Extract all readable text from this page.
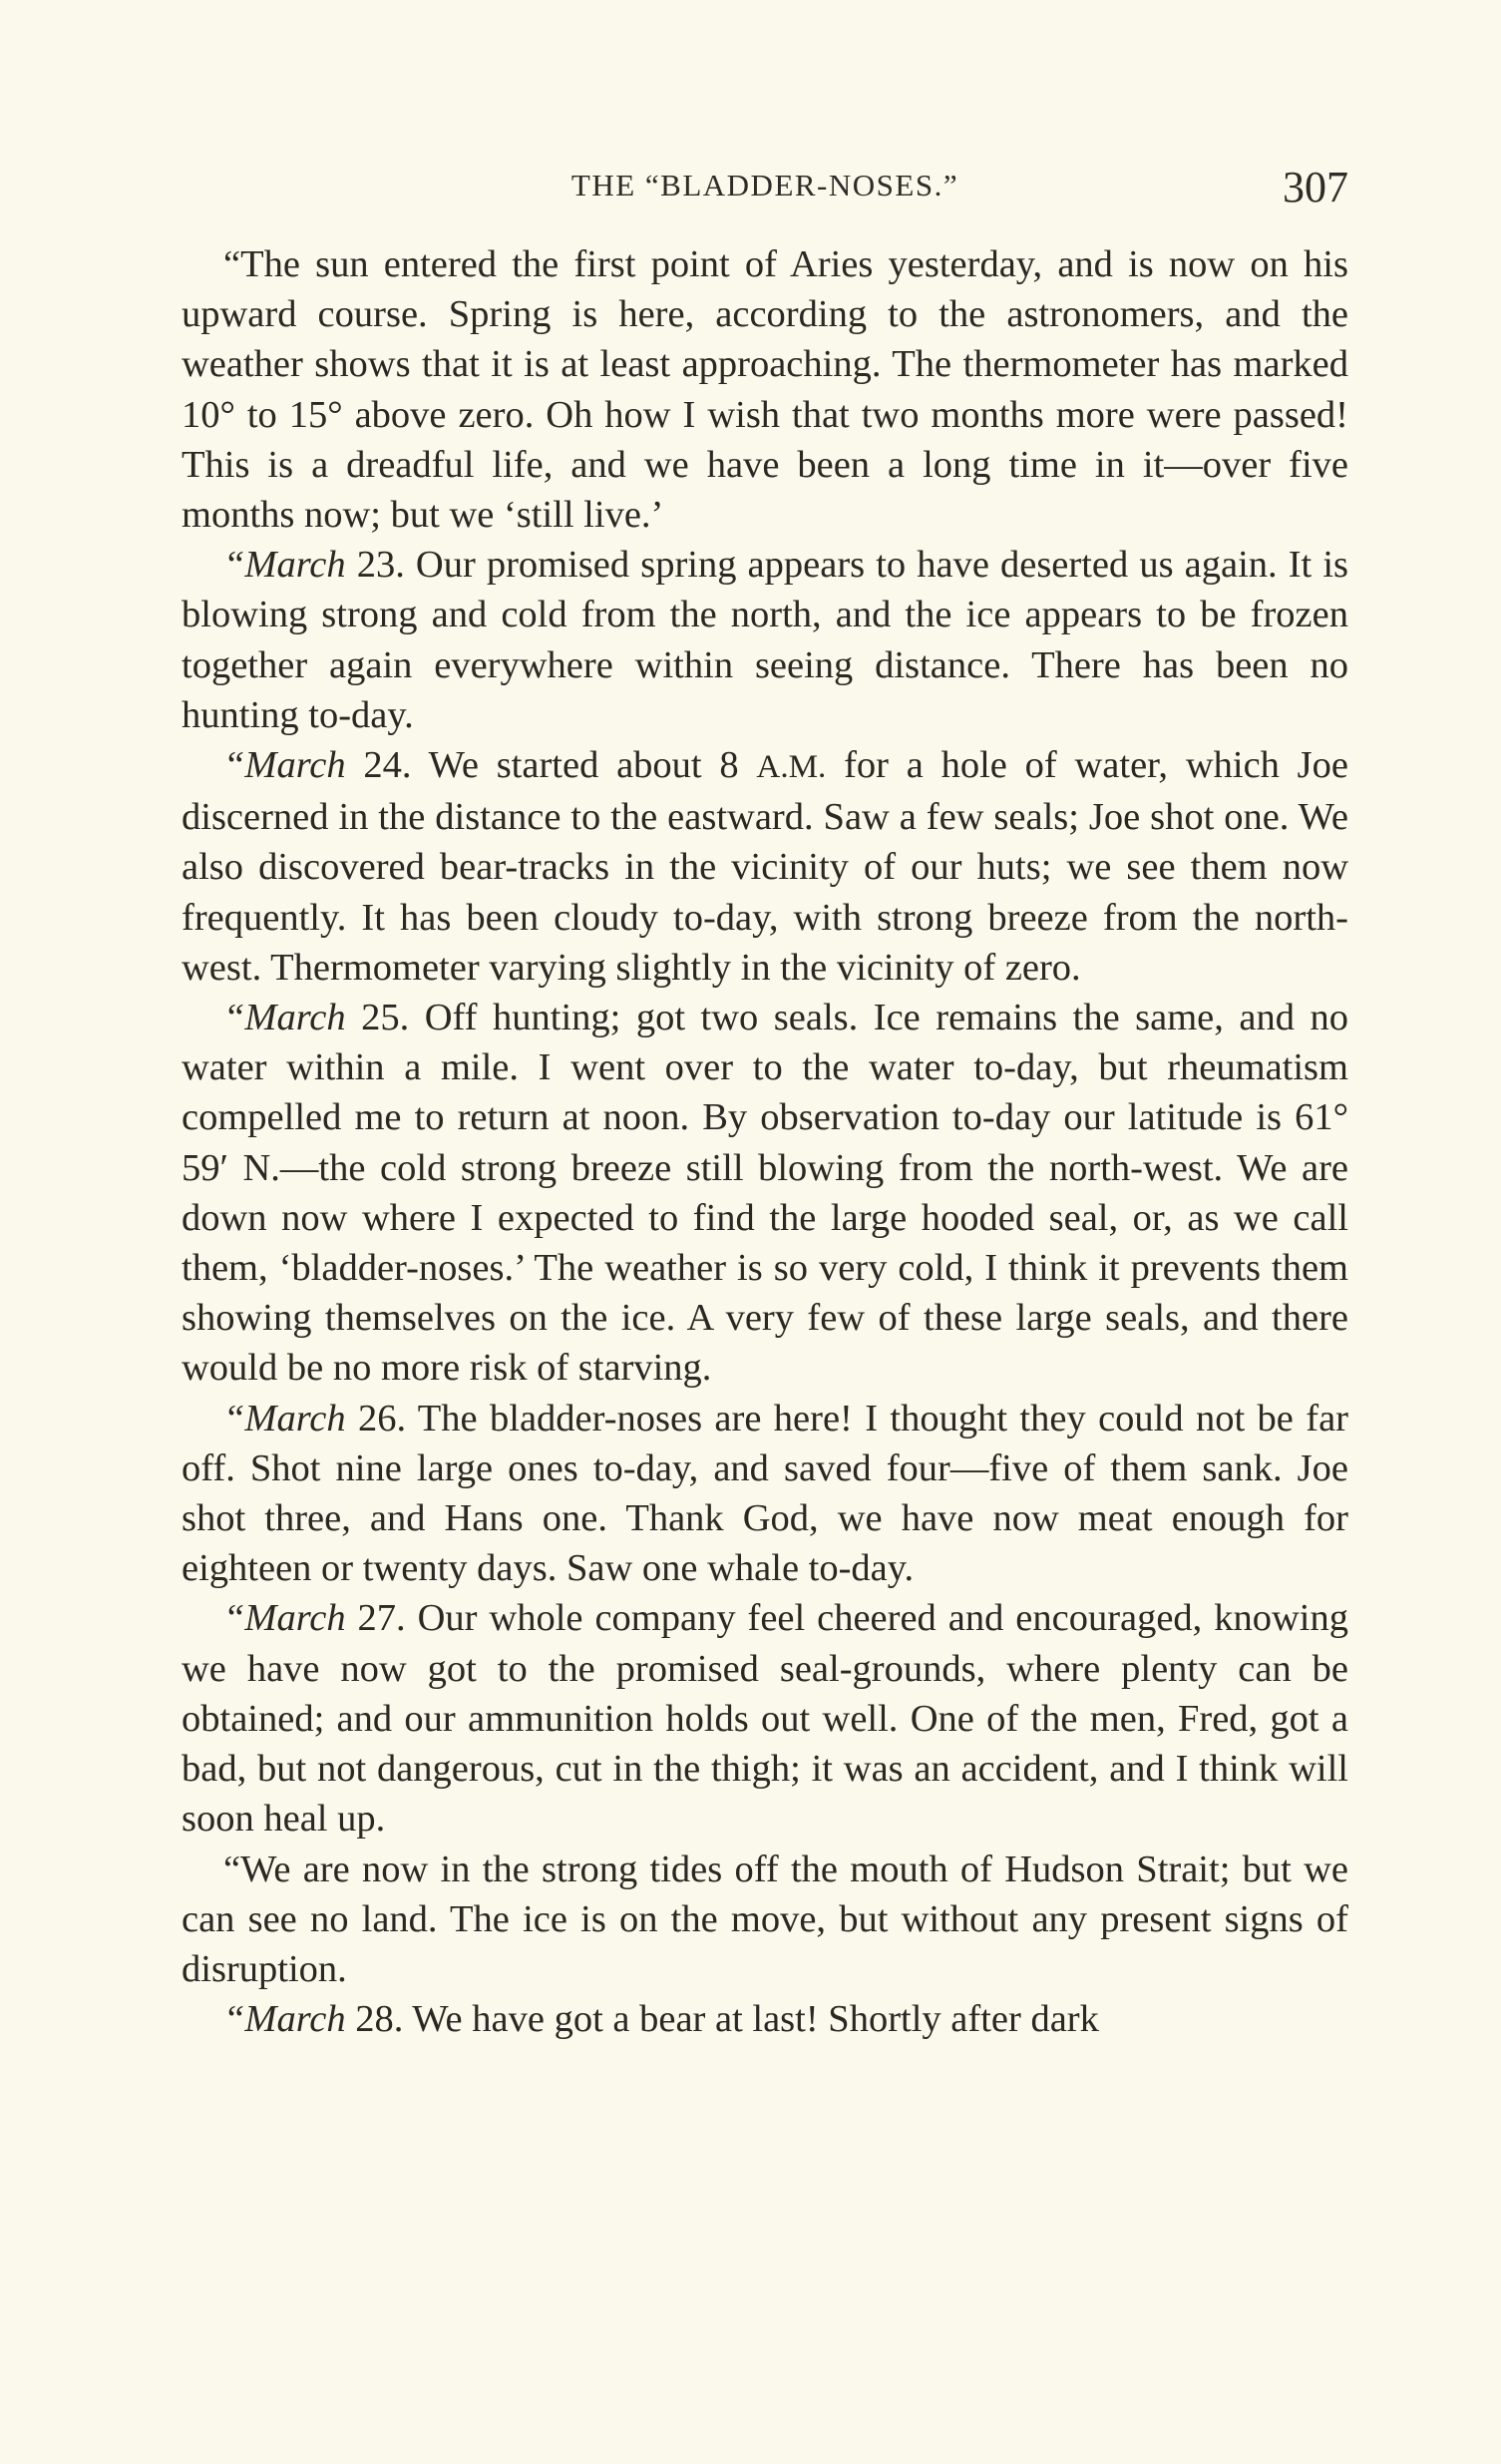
THE “BLADDER-NOSES.”	307

“The sun entered the first point of Aries yesterday, and is now on his upward course. Spring is here, according to the astronomers, and the weather shows that it is at least approaching. The thermometer has marked 10° to 15° above zero. Oh how I wish that two months more were passed! This is a dreadful life, and we have been a long time in it—over five months now; but we ‘still live.’

“March 23. Our promised spring appears to have deserted us again. It is blowing strong and cold from the north, and the ice appears to be frozen together again everywhere within seeing distance. There has been no hunting to-day.

“March 24. We started about 8 A.M. for a hole of water, which Joe discerned in the distance to the eastward. Saw a few seals; Joe shot one. We also discovered bear-tracks in the vicinity of our huts; we see them now frequently. It has been cloudy to-day, with strong breeze from the north-west. Thermometer varying slightly in the vicinity of zero.

“March 25. Off hunting; got two seals. Ice remains the same, and no water within a mile. I went over to the water to-day, but rheumatism compelled me to return at noon. By observation to-day our latitude is 61° 59′ N.—the cold strong breeze still blowing from the north-west. We are down now where I expected to find the large hooded seal, or, as we call them, ‘bladder-noses.’ The weather is so very cold, I think it prevents them showing themselves on the ice. A very few of these large seals, and there would be no more risk of starving.

“March 26. The bladder-noses are here! I thought they could not be far off. Shot nine large ones to-day, and saved four—five of them sank. Joe shot three, and Hans one. Thank God, we have now meat enough for eighteen or twenty days. Saw one whale to-day.

“March 27. Our whole company feel cheered and encouraged, knowing we have now got to the promised seal-grounds, where plenty can be obtained; and our ammunition holds out well. One of the men, Fred, got a bad, but not dangerous, cut in the thigh; it was an accident, and I think will soon heal up.

“We are now in the strong tides off the mouth of Hudson Strait; but we can see no land. The ice is on the move, but without any present signs of disruption.

“March 28. We have got a bear at last! Shortly after dark
